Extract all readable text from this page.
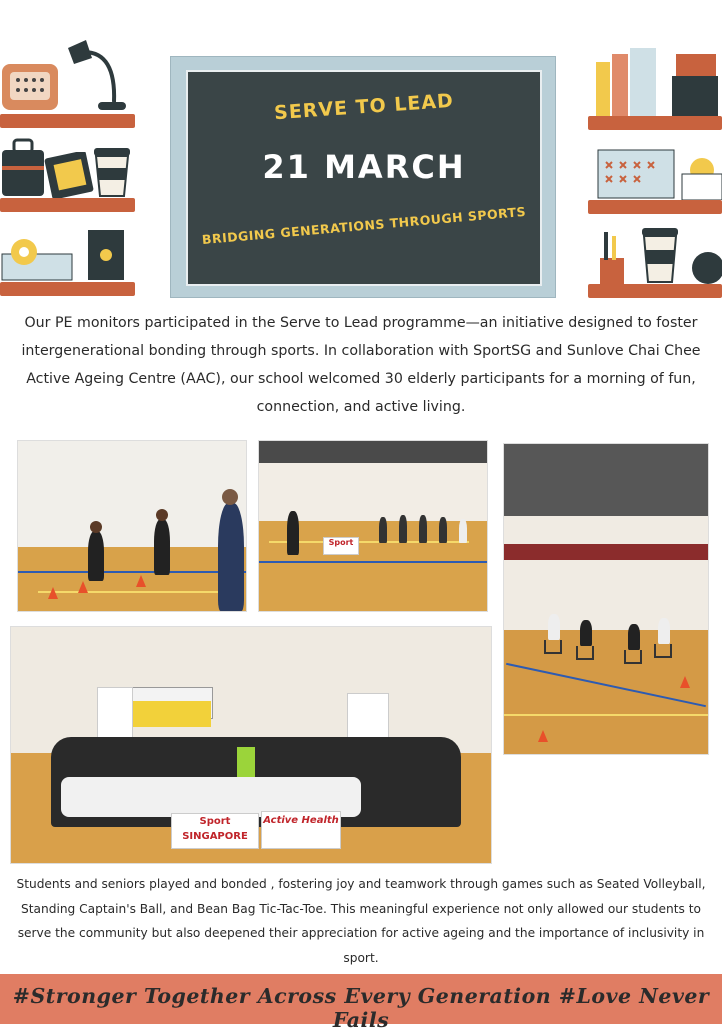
SERVE TO LEAD
21 MARCH
BRIDGING GENERATIONS THROUGH SPORTS
Our PE monitors participated in the Serve to Lead programme—an initiative designed to foster intergenerational bonding through sports. In collaboration with SportSG and Sunlove Chai Chee Active Ageing Centre (AAC), our school welcomed 30 elderly participants for a morning of fun, connection, and active living.
Sport
Sport SINGAPORE
Active Health
Students and seniors played and bonded , fostering joy and teamwork through games such as Seated Volleyball, Standing Captain's Ball, and Bean Bag Tic-Tac-Toe. This meaningful experience not only allowed our students to serve the community but also deepened their appreciation for active ageing and the importance of inclusivity in sport.
#Stronger Together Across Every Generation #Love Never Fails
